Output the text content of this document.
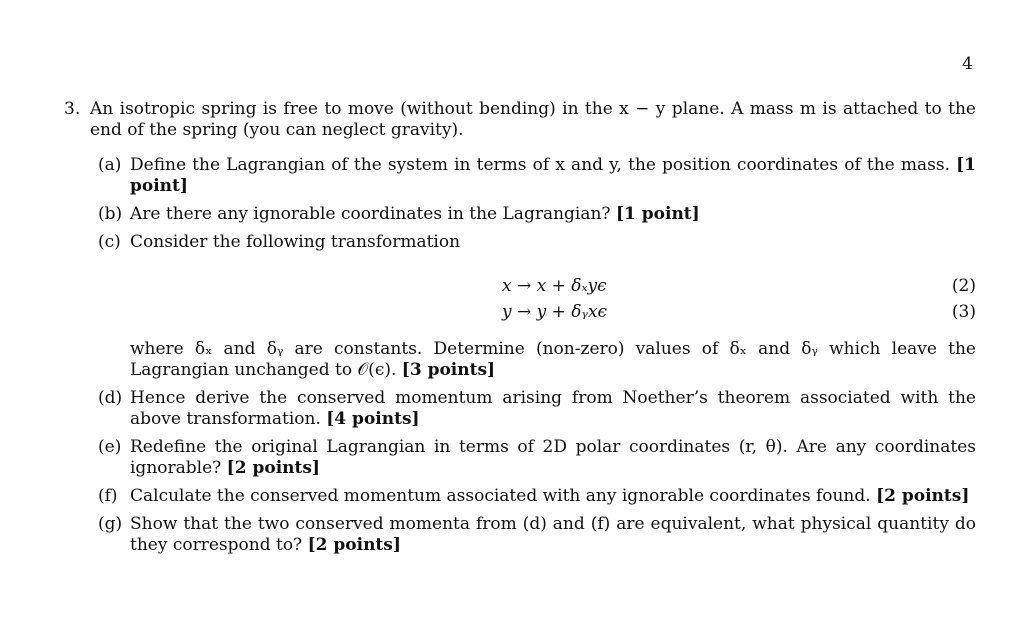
4
3. An isotropic spring is free to move (without bending) in the x − y plane. A mass m is attached to the end of the spring (you can neglect gravity).
(a) Define the Lagrangian of the system in terms of x and y, the position coordinates of the mass. [1 point]
(b) Are there any ignorable coordinates in the Lagrangian? [1 point]
(c) Consider the following transformation
x → x + δₓyϵ	(2)
y → y + δᵧxϵ	(3)
where δₓ and δᵧ are constants. Determine (non-zero) values of δₓ and δᵧ which leave the Lagrangian unchanged to 𝒪(ϵ). [3 points]
(d) Hence derive the conserved momentum arising from Noether’s theorem associated with the above transformation. [4 points]
(e) Redefine the original Lagrangian in terms of 2D polar coordinates (r, θ). Are any coordinates ignorable? [2 points]
(f) Calculate the conserved momentum associated with any ignorable coordinates found. [2 points]
(g) Show that the two conserved momenta from (d) and (f) are equivalent, what physical quantity do they correspond to? [2 points]
